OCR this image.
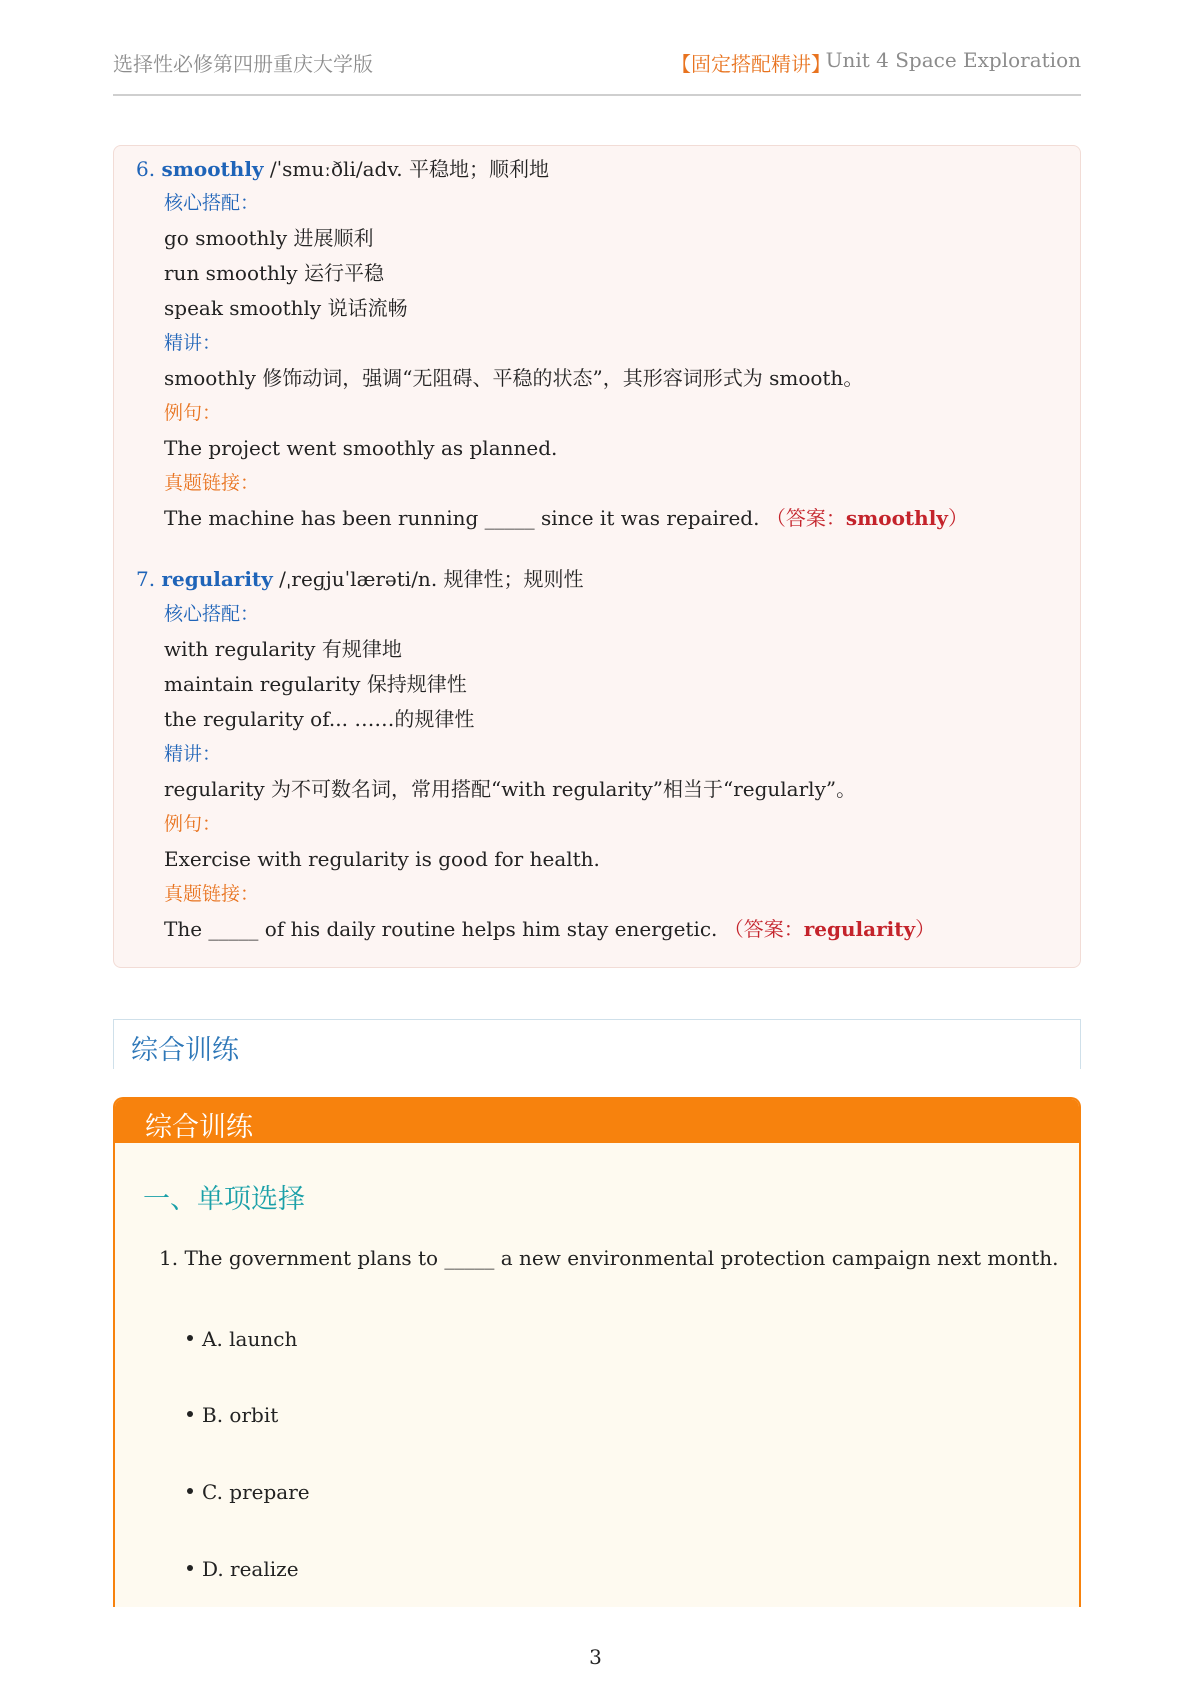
选择性必修第四册重庆大学版	【固定搭配精讲】
Unit 4 Space Exploration
6. smoothly /ˈsmuːðli/adv. 平稳地；顺利地
核心搭配：
go smoothly 进展顺利
run smoothly 运行平稳
speak smoothly 说话流畅
精讲：
smoothly 修饰动词，强调“无阻碍、平稳的状态”，其形容词形式为 smooth。
例句：
The project went smoothly as planned.
真题链接：
The machine has been running _____ since it was repaired. （答案：smoothly）
7. regularity /ˌreɡjuˈlærəti/n. 规律性；规则性
核心搭配：
with regularity 有规律地
maintain regularity 保持规律性
the regularity of... ……的规律性
精讲：
regularity 为不可数名词，常用搭配“with regularity”相当于“regularly”。
例句：
Exercise with regularity is good for health.
真题链接：
The _____ of his daily routine helps him stay energetic. （答案：regularity）
综合训练
综合训练
一、单项选择
1. The government plans to _____ a new environmental protection campaign next month.
A. launch
B. orbit
C. prepare
D. realize
3
